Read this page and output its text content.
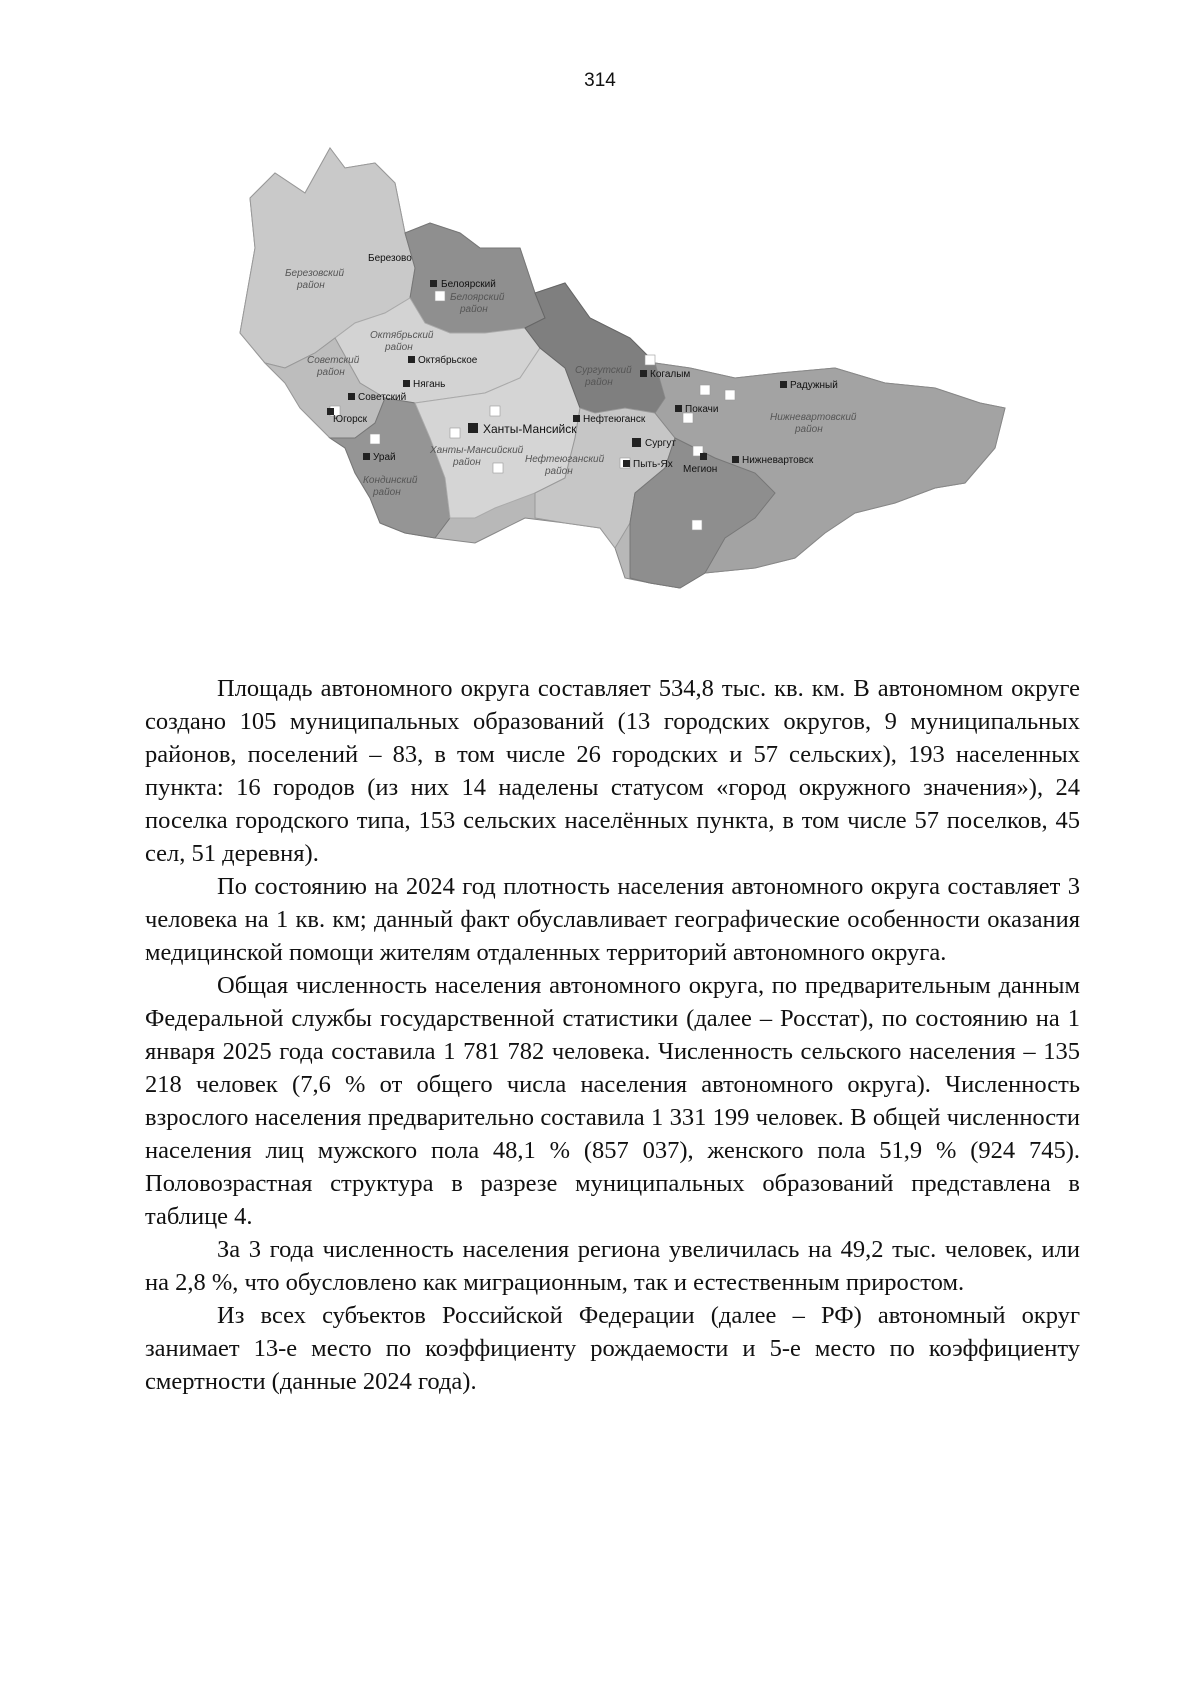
314
Березовский
район
Белоярский
район
Октябрьский
район
Советский
район	Сургутский
район
Нижневартовский
район
Ханты-Мансийский
район	Нефтеюганский
район
Кондинский
район
Березово
Белоярский
Октябрьское
Нягань
Советский
Югорск
Урай
Ханты-Мансийск
Нефтеюганск
Сургут
Пыть-Ях
Когалым
Покачи
Мегион
Нижневартовск
Радужный

Площадь автономного округа составляет 534,8 тыс. кв. км. В автономном округе создано 105 муниципальных образований (13 городских округов, 9 муниципальных районов, поселений – 83, в том числе 26 городских и 57 сельских), 193 населенных пункта: 16 городов (из них 14 наделены статусом «город окружного значения»), 24 поселка городского типа, 153 сельских населённых пункта, в том числе 57 поселков, 45 сел, 51 деревня).

По состоянию на 2024 год плотность населения автономного округа составляет 3 человека на 1 кв. км; данный факт обуславливает географические особенности оказания медицинской помощи жителям отдаленных территорий автономного округа.

Общая численность населения автономного округа, по предварительным данным Федеральной службы государственной статистики (далее – Росстат), по состоянию на 1 января 2025 года составила 1 781 782 человека. Численность сельского населения – 135 218 человек (7,6 % от общего числа населения автономного округа). Численность взрослого населения предварительно составила 1 331 199 человек. В общей численности населения лиц мужского пола 48,1 % (857 037), женского пола 51,9 % (924 745). Половозрастная структура в разрезе муниципальных образований представлена в таблице 4.

За 3 года численность населения региона увеличилась на 49,2 тыс. человек, или на 2,8 %, что обусловлено как миграционным, так и естественным приростом.

Из всех субъектов Российской Федерации (далее – РФ) автономный округ занимает 13-е место по коэффициенту рождаемости и 5-е место по коэффициенту смертности (данные 2024 года).
